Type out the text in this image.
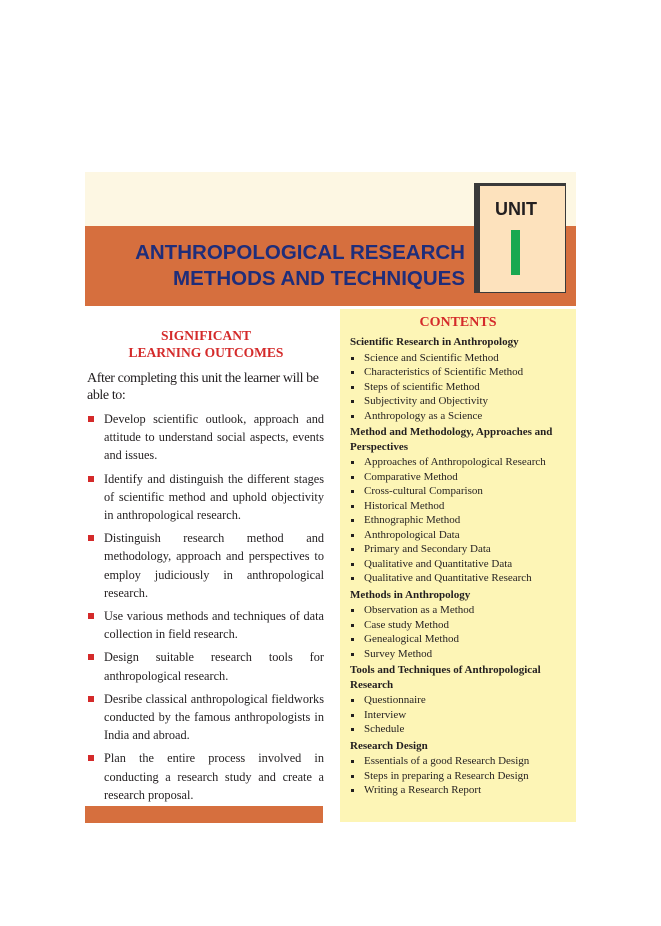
ANTHROPOLOGICAL RESEARCH
METHODS AND TECHNIQUES
UNIT
SIGNIFICANT
LEARNING OUTCOMES
After completing this unit the learner will be able to:
Develop scientific outlook, approach and attitude to understand social aspects, events and issues.
Identify and distinguish the different stages of scientific method and uphold objectivity in anthropological research.
Distinguish research method and methodology, approach and perspectives to employ judiciously in anthropological research.
Use various methods and techniques of data collection in field research.
Design suitable research tools for anthropological research.
Desribe classical anthropological fieldworks conducted by the famous anthropologists in India and abroad.
Plan the entire process involved in conducting a research study and create a research proposal.
CONTENTS
Scientific Research in Anthropology
Science and Scientific Method
Characteristics of Scientific Method
Steps of scientific Method
Subjectivity and Objectivity
Anthropology as a Science
Method and Methodology, Approaches and Perspectives
Approaches of Anthropological Research
Comparative Method
Cross-cultural Comparison
Historical Method
Ethnographic Method
Anthropological Data
Primary and Secondary Data
Qualitative and Quantitative Data
Qualitative and Quantitative Research
Methods in Anthropology
Observation as a Method
Case study Method
Genealogical Method
Survey Method
Tools and Techniques of Anthropological Research
Questionnaire
Interview
Schedule
Research Design
Essentials of a good Research Design
Steps in preparing a Research Design
Writing a Research Report
